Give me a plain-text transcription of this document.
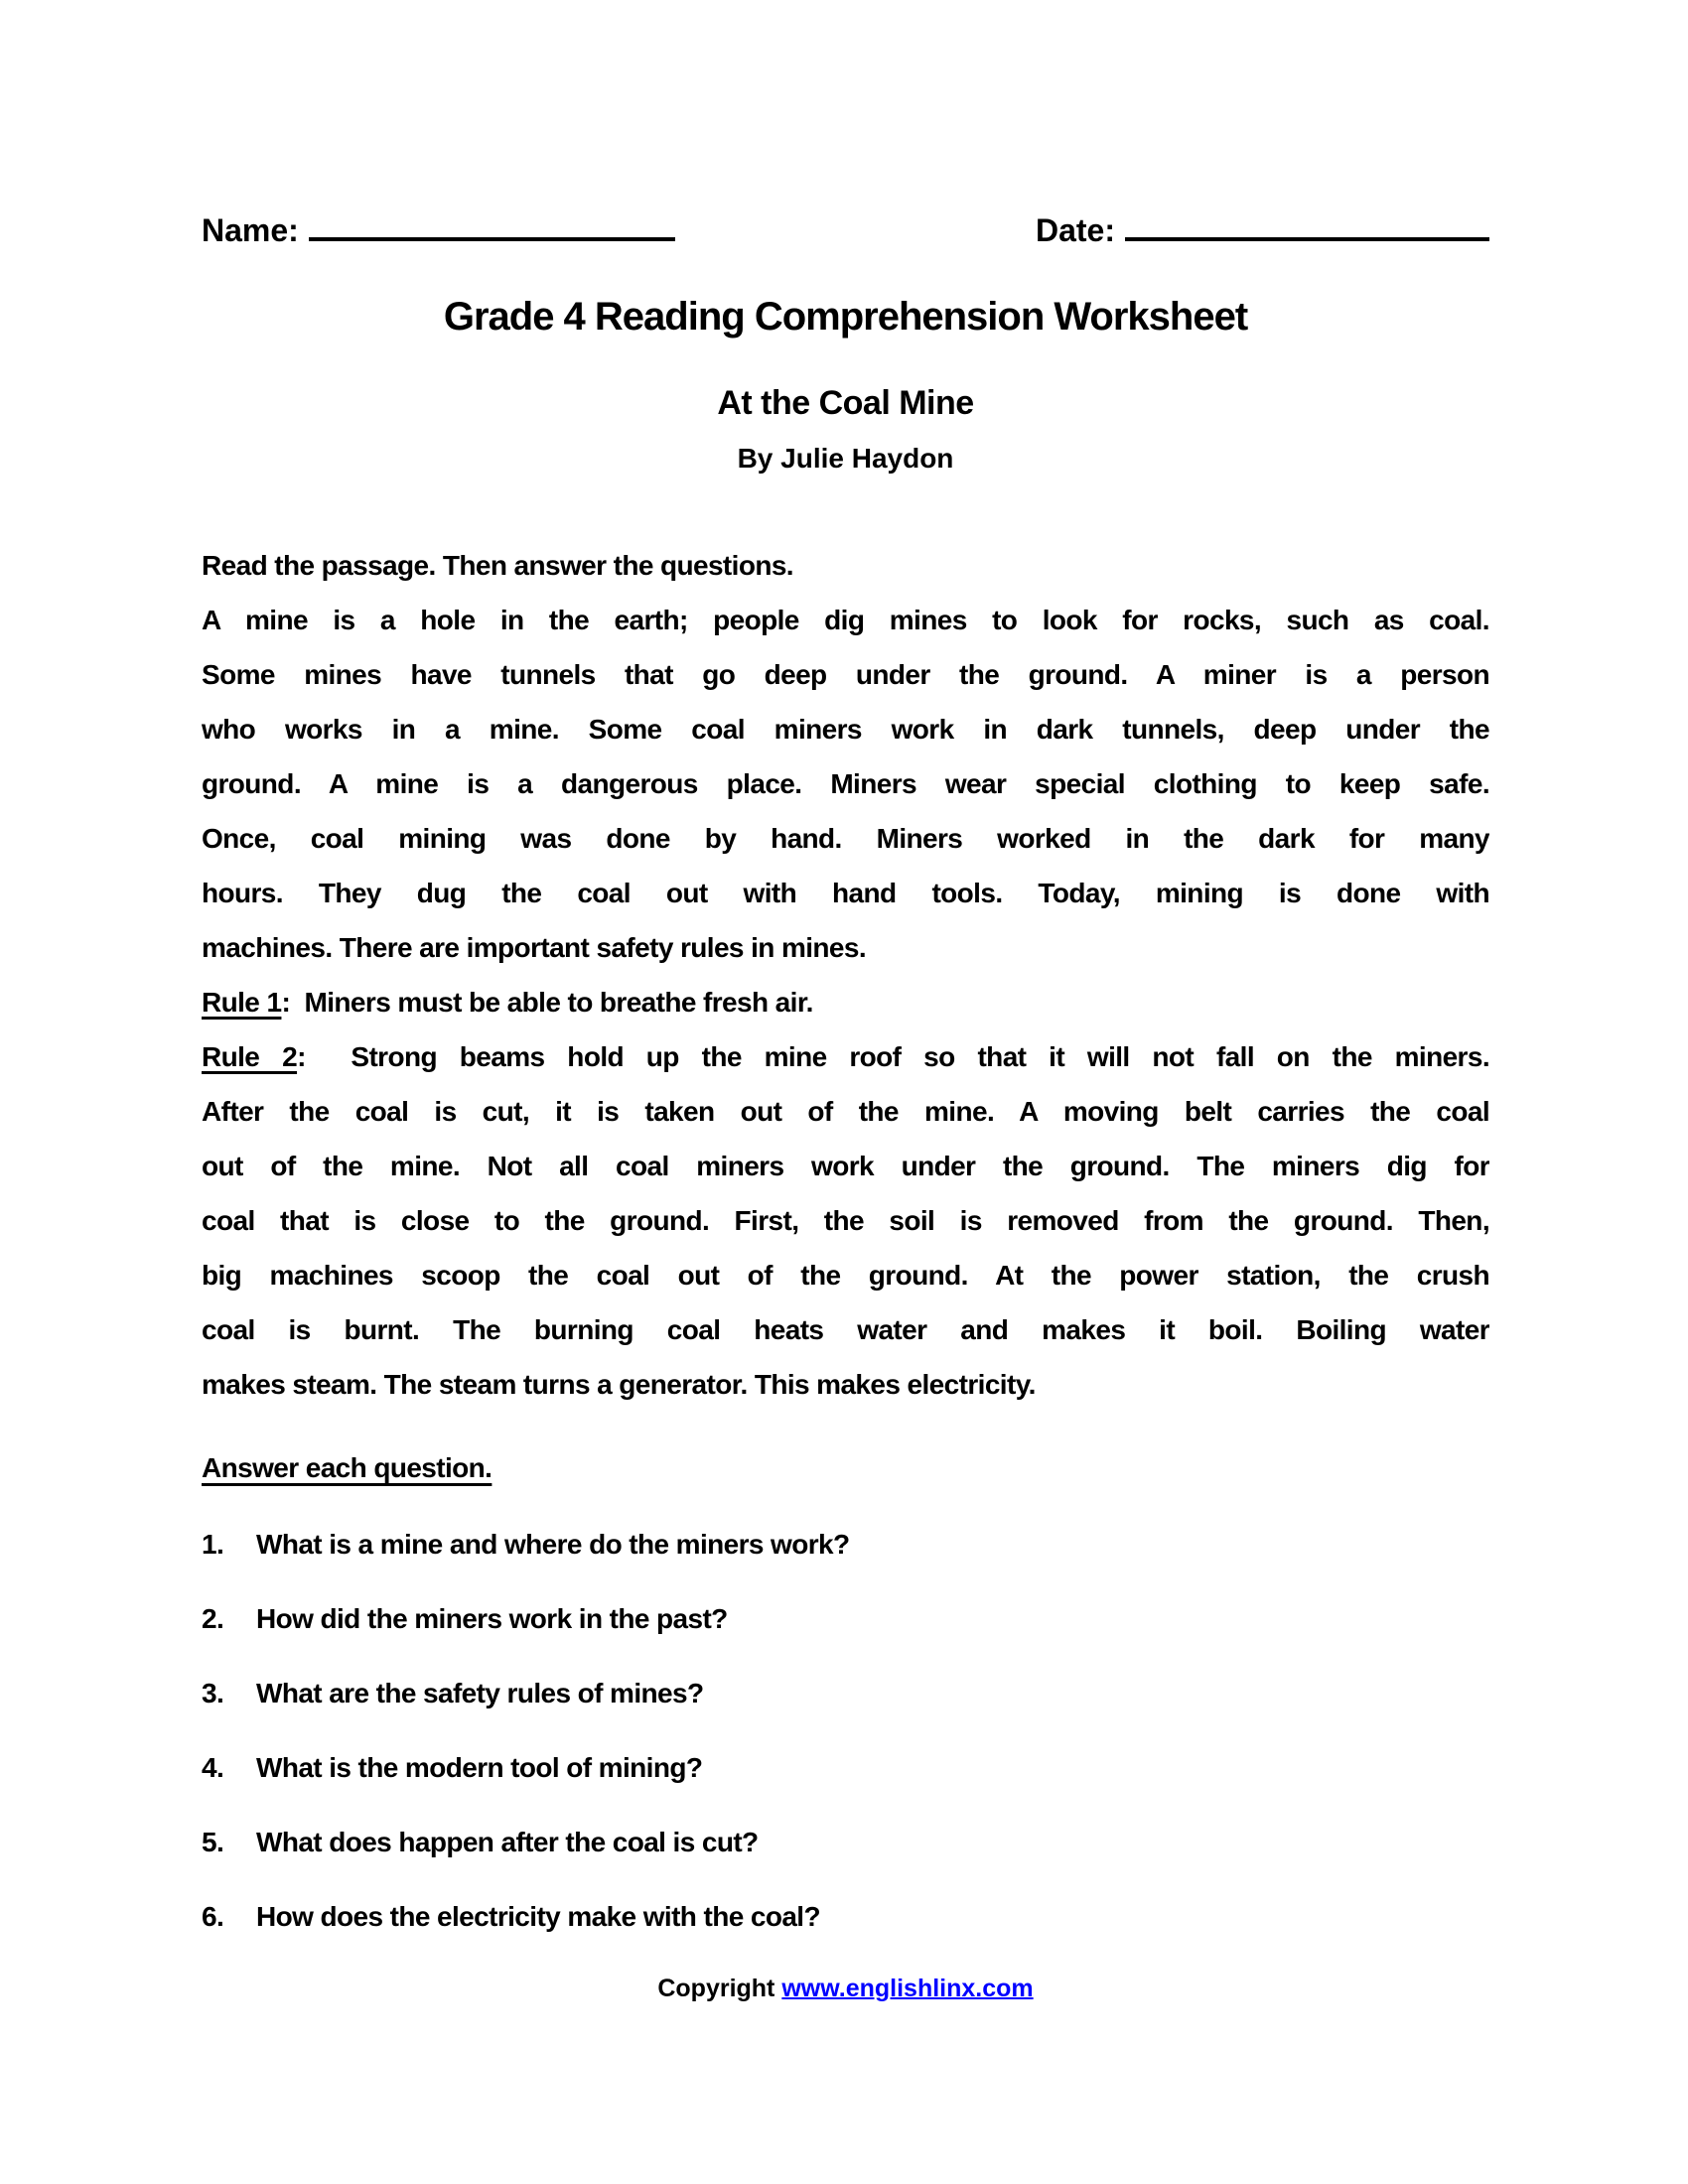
Name:	Date:
Grade 4 Reading Comprehension Worksheet
At the Coal Mine
By Julie Haydon
Read the passage. Then answer the questions.
A mine is a hole in the earth; people dig mines to look for rocks, such as coal.
Some mines have tunnels that go deep under the ground. A miner is a person
who works in a mine. Some coal miners work in dark tunnels, deep under the
ground. A mine is a dangerous place. Miners wear special clothing to keep safe.
Once, coal mining was done by hand. Miners worked in the dark for many
hours. They dug the coal out with hand tools. Today, mining is done with
machines. There are important safety rules in mines.
Rule 1:  Miners must be able to breathe fresh air.
Rule 2:  Strong beams hold up the mine roof so that it will not fall on the miners.
After the coal is cut, it is taken out of the mine. A moving belt carries the coal
out of the mine. Not all coal miners work under the ground. The miners dig for
coal that is close to the ground. First, the soil is removed from the ground. Then,
big machines scoop the coal out of the ground. At the power station, the crush
coal is burnt. The burning coal heats water and makes it boil. Boiling water
makes steam. The steam turns a generator. This makes electricity.
Answer each question.
1.	What is a mine and where do the miners work?
2.	How did the miners work in the past?
3.	What are the safety rules of mines?
4.	What is the modern tool of mining?
5.	What does happen after the coal is cut?
6.	How does the electricity make with the coal?
Copyright www.englishlinx.com
